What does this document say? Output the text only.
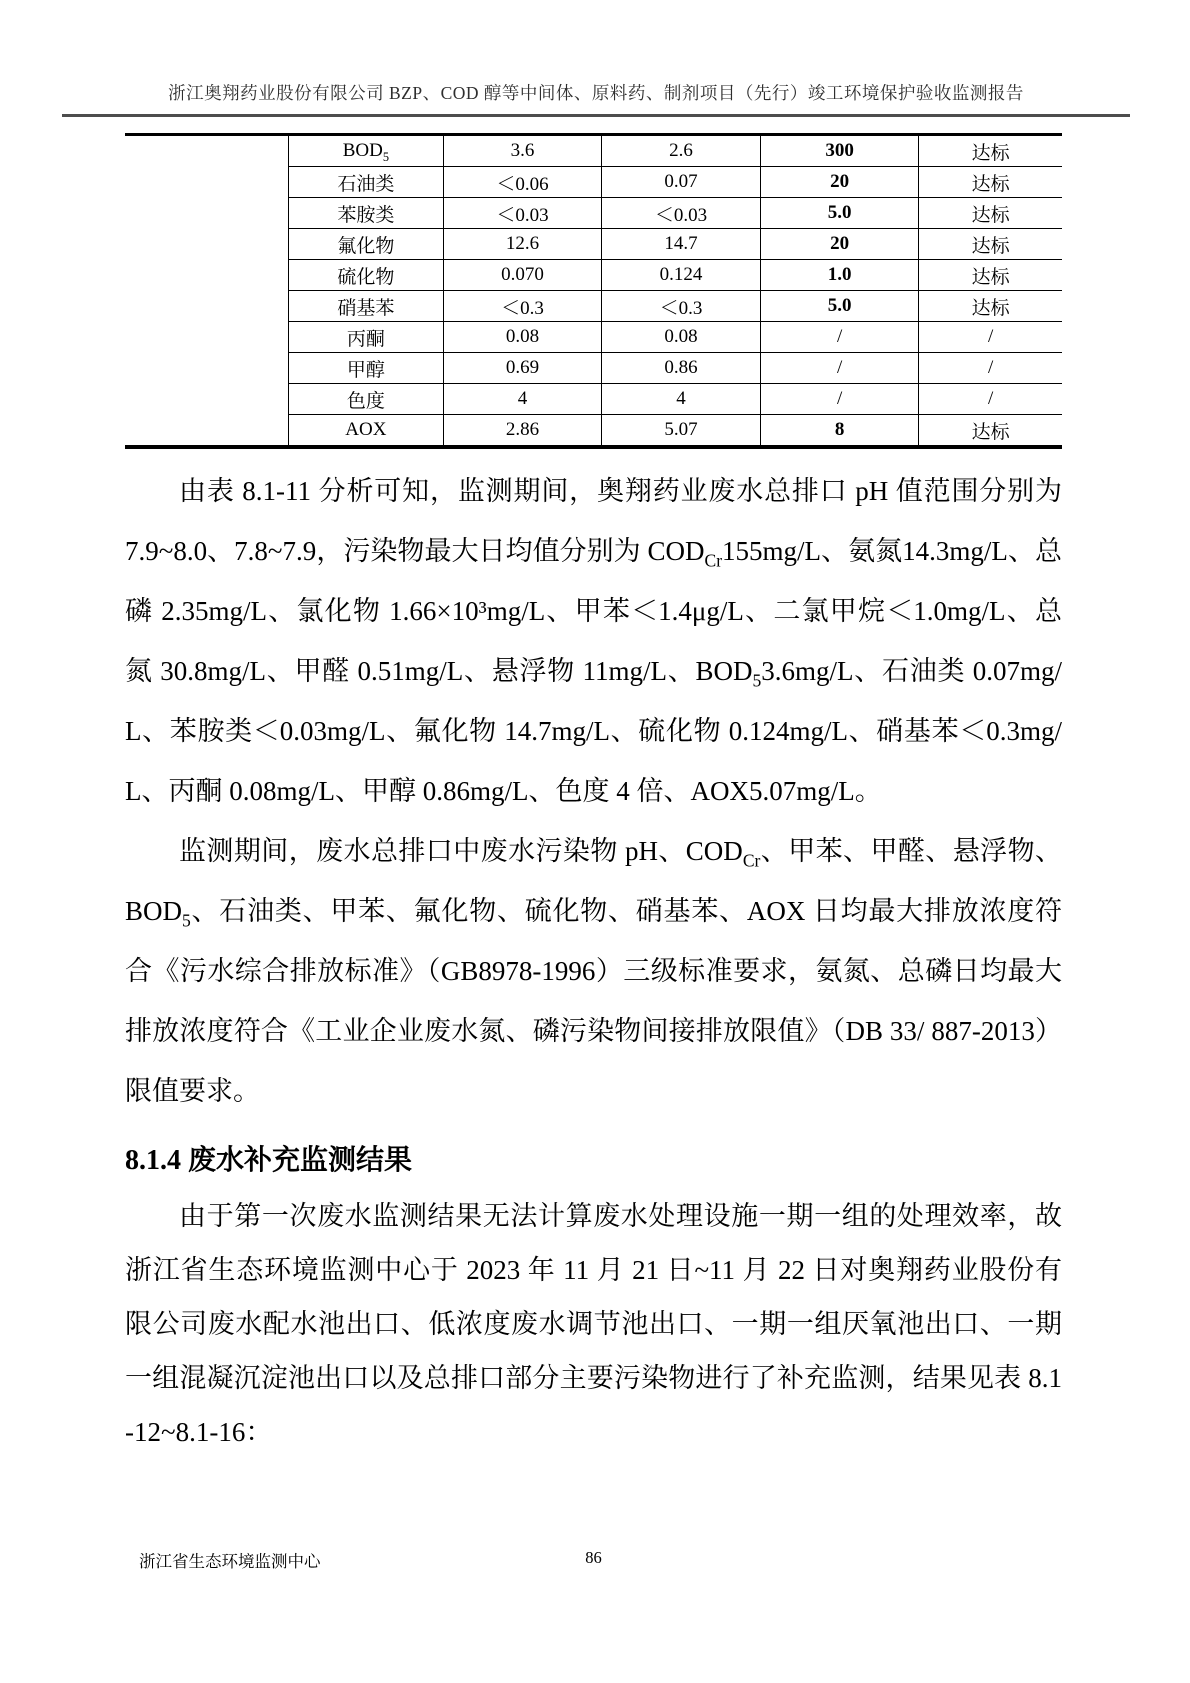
浙江奥翔药业股份有限公司 BZP、COD 醇等中间体、原料药、制剂项目（先行）竣工环境保护验收监测报告
$BOD_5$	3.6	2.6	300	达标
石油类	＜0.06	0.07	20	达标
苯胺类	＜0.03	＜0.03	5.0	达标
氟化物	12.6	14.7	20	达标
硫化物	0.070	0.124	1.0	达标
硝基苯	＜0.3	＜0.3	5.0	达标
丙酮	0.08	0.08	/	/
甲醇	0.69	0.86	/	/
色度	4	4	/	/
AOX	2.86	5.07	8	达标

由表 8.1-11 分析可知，监测期间，奥翔药业废水总排口 pH 值范围分别为 7.9~8.0、7.8~7.9，污染物最大日均值分别为 $COD_{Cr}155mg/L$、氨氮14.3mg/L、总磷 2.35mg/L、氯化物 1.66×10³mg/L、甲苯＜1.4μg/L、二氯甲烷＜1.0mg/L、总氮 30.8mg/L、甲醛 0.51mg/L、悬浮物 11mg/L、$BOD_53.6mg/L$、石油类 0.07mg/L、苯胺类＜0.03mg/L、氟化物 14.7mg/L、硫化物 0.124mg/L、硝基苯＜0.3mg/L、丙酮 0.08mg/L、甲醇 0.86mg/L、色度 4 倍、AOX5.07mg/L。

监测期间，废水总排口中废水污染物 pH、$COD_{Cr}$、甲苯、甲醛、悬浮物、$BOD_5$、石油类、甲苯、氟化物、硫化物、硝基苯、AOX 日均最大排放浓度符合《污水综合排放标准》（GB8978-1996）三级标准要求，氨氮、总磷日均最大排放浓度符合《工业企业废水氮、磷污染物间接排放限值》（DB 33/ 887-2013）限值要求。

8.1.4 废水补充监测结果

由于第一次废水监测结果无法计算废水处理设施一期一组的处理效率，故浙江省生态环境监测中心于 2023 年 11 月 21 日~11 月 22 日对奥翔药业股份有限公司废水配水池出口、低浓度废水调节池出口、一期一组厌氧池出口、一期一组混凝沉淀池出口以及总排口部分主要污染物进行了补充监测，结果见表 8.1-12~8.1-16：

浙江省生态环境监测中心	86
